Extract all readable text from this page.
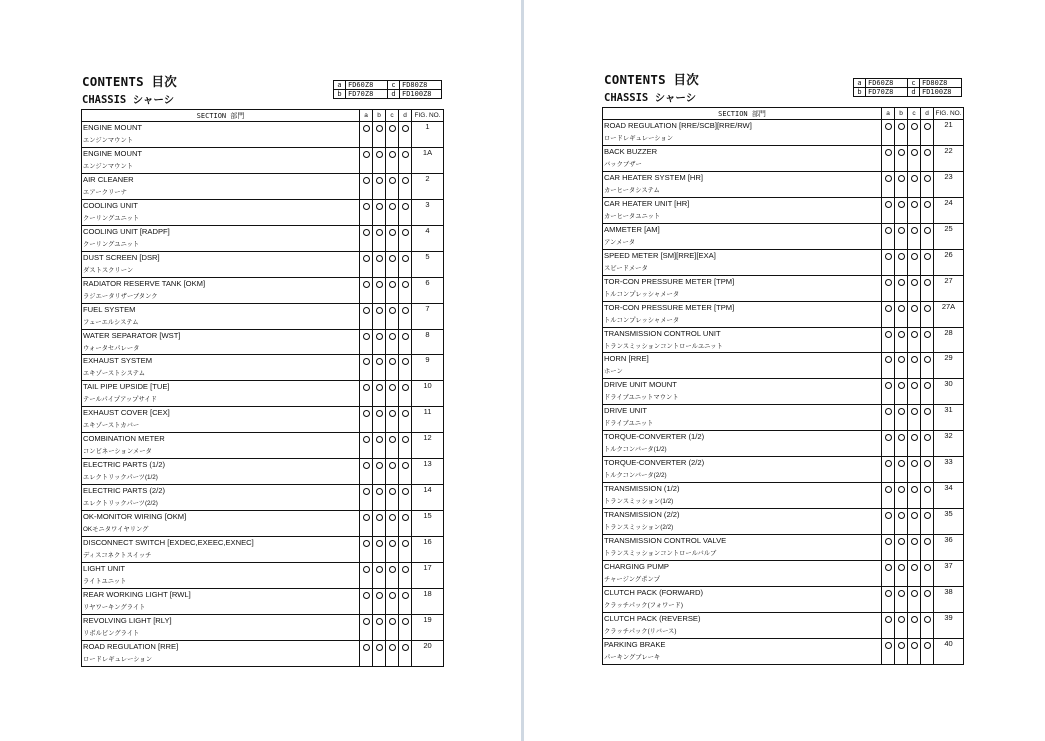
CONTENTS 目次
CHASSIS シャーシ
a	FD60Z8	c	FD80Z8
b	FD70Z8	d	FD100Z8
SECTION 部門	a	b	c	d	FIG. NO.

ENGINE MOUNT
エンジンマウント					1

ENGINE MOUNT
エンジンマウント					1A

AIR CLEANER
エアークリーナ					2

COOLING UNIT
クーリングユニット					3

COOLING UNIT [RADPF]
クーリングユニット					4

DUST SCREEN [DSR]
ダストスクリーン					5

RADIATOR RESERVE TANK [OKM]
ラジエータリザーブタンク					6

FUEL SYSTEM
フューエルシステム					7

WATER SEPARATOR [WST]
ウォータセパレータ					8

EXHAUST SYSTEM
エキゾーストシステム					9

TAIL PIPE UPSIDE [TUE]
テールパイプアップサイド					10

EXHAUST COVER [CEX]
エキゾーストカバー					11

COMBINATION METER
コンビネーションメータ					12

ELECTRIC PARTS (1/2)
エレクトリックパーツ(1/2)					13

ELECTRIC PARTS (2/2)
エレクトリックパーツ(2/2)					14

OK-MONITOR WIRING [OKM]
OKモニタワイヤリング					15

DISCONNECT SWITCH [EXDEC,EXEEC,EXNEC]
ディスコネクトスイッチ					16

LIGHT UNIT
ライトユニット					17

REAR WORKING LIGHT [RWL]
リヤワーキングライト					18

REVOLVING LIGHT [RLY]
リボルビングライト					19

ROAD REGULATION [RRE]
ロードレギュレーション					20
CONTENTS 目次
CHASSIS シャーシ
a	FD60Z8	c	FD80Z8
b	FD70Z8	d	FD100Z8
SECTION 部門	a	b	c	d	FIG. NO.

ROAD REGULATION [RRE/SCB][RRE/RW]
ロードレギュレーション					21

BACK BUZZER
バックブザー					22

CAR HEATER SYSTEM [HR]
カーヒータシステム					23

CAR HEATER UNIT [HR]
カーヒータユニット					24

AMMETER [AM]
アンメータ					25

SPEED METER [SM][RRE][EXA]
スピードメータ					26

TOR-CON PRESSURE METER [TPM]
トルコンプレッシャメータ					27

TOR-CON PRESSURE METER [TPM]
トルコンプレッシャメータ					27A

TRANSMISSION CONTROL UNIT
トランスミッションコントロールユニット					28

HORN [RRE]
ホーン					29

DRIVE UNIT MOUNT
ドライブユニットマウント					30

DRIVE UNIT
ドライブユニット					31

TORQUE-CONVERTER (1/2)
トルクコンバータ(1/2)					32

TORQUE-CONVERTER (2/2)
トルクコンバータ(2/2)					33

TRANSMISSION (1/2)
トランスミッション(1/2)					34

TRANSMISSION (2/2)
トランスミッション(2/2)					35

TRANSMISSION CONTROL VALVE
トランスミッションコントロールバルブ					36

CHARGING PUMP
チャージングポンプ					37

CLUTCH PACK (FORWARD)
クラッチパック(フォワード)					38

CLUTCH PACK (REVERSE)
クラッチパック(リバース)					39

PARKING BRAKE
パーキングブレーキ					40
